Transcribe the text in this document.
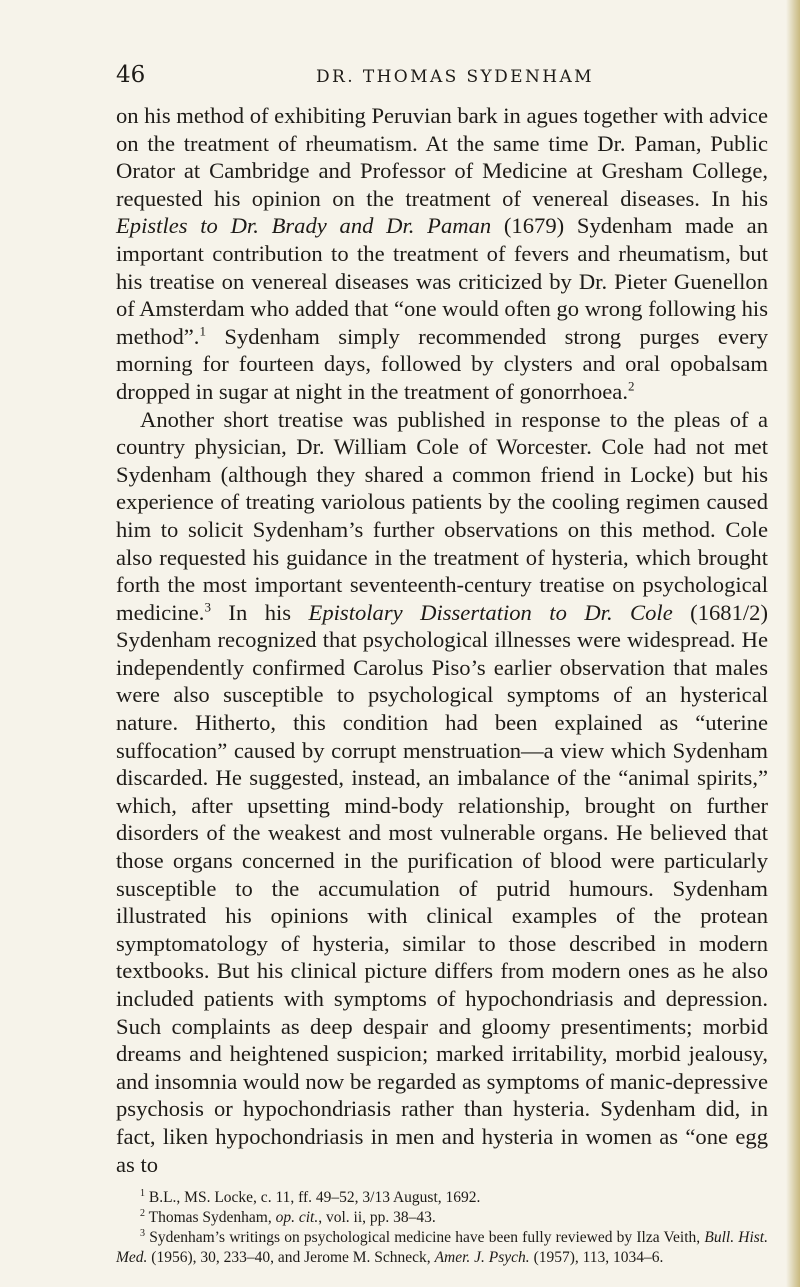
46	DR. THOMAS SYDENHAM

on his method of exhibiting Peruvian bark in agues together with advice on the treatment of rheumatism. At the same time Dr. Paman, Public Orator at Cambridge and Professor of Medicine at Gresham College, requested his opinion on the treatment of venereal diseases. In his Epistles to Dr. Brady and Dr. Paman (1679) Sydenham made an important contribution to the treatment of fevers and rheumatism, but his treatise on venereal diseases was criticized by Dr. Pieter Guenellon of Amsterdam who added that “one would often go wrong following his method”.$^1$ Sydenham simply recommended strong purges every morning for fourteen days, followed by clysters and oral opobalsam dropped in sugar at night in the treatment of gonorrhoea.$^2$

Another short treatise was published in response to the pleas of a country physician, Dr. William Cole of Worcester. Cole had not met Sydenham (although they shared a common friend in Locke) but his experience of treating variolous patients by the cooling regimen caused him to solicit Sydenham’s further observations on this method. Cole also requested his guidance in the treatment of hysteria, which brought forth the most important seventeenth-century treatise on psychological medicine.$^3$ In his Epistolary Dissertation to Dr. Cole (1681/2) Sydenham recognized that psychological illnesses were widespread. He independently confirmed Carolus Piso’s earlier observation that males were also susceptible to psychological symptoms of an hysterical nature. Hitherto, this condition had been explained as “uterine suffocation” caused by corrupt menstruation—a view which Sydenham discarded. He suggested, instead, an imbalance of the “animal spirits,” which, after upsetting mind-body relationship, brought on further disorders of the weakest and most vulnerable organs. He believed that those organs concerned in the purification of blood were particularly susceptible to the accumulation of putrid humours. Sydenham illustrated his opinions with clinical examples of the protean symptomatology of hysteria, similar to those described in modern textbooks. But his clinical picture differs from modern ones as he also included patients with symptoms of hypochondriasis and depression. Such complaints as deep despair and gloomy presentiments; morbid dreams and heightened suspicion; marked irritability, morbid jealousy, and insomnia would now be regarded as symptoms of manic-depressive psychosis or hypochondriasis rather than hysteria. Sydenham did, in fact, liken hypochondriasis in men and hysteria in women as “one egg as to

$^1$ B.L., MS. Locke, c. 11, ff. 49–52, 3/13 August, 1692.

$^2$ Thomas Sydenham, op. cit., vol. ii, pp. 38–43.

$^3$ Sydenham’s writings on psychological medicine have been fully reviewed by Ilza Veith, Bull. Hist. Med. (1956), 30, 233–40, and Jerome M. Schneck, Amer. J. Psych. (1957), 113, 1034–6.
